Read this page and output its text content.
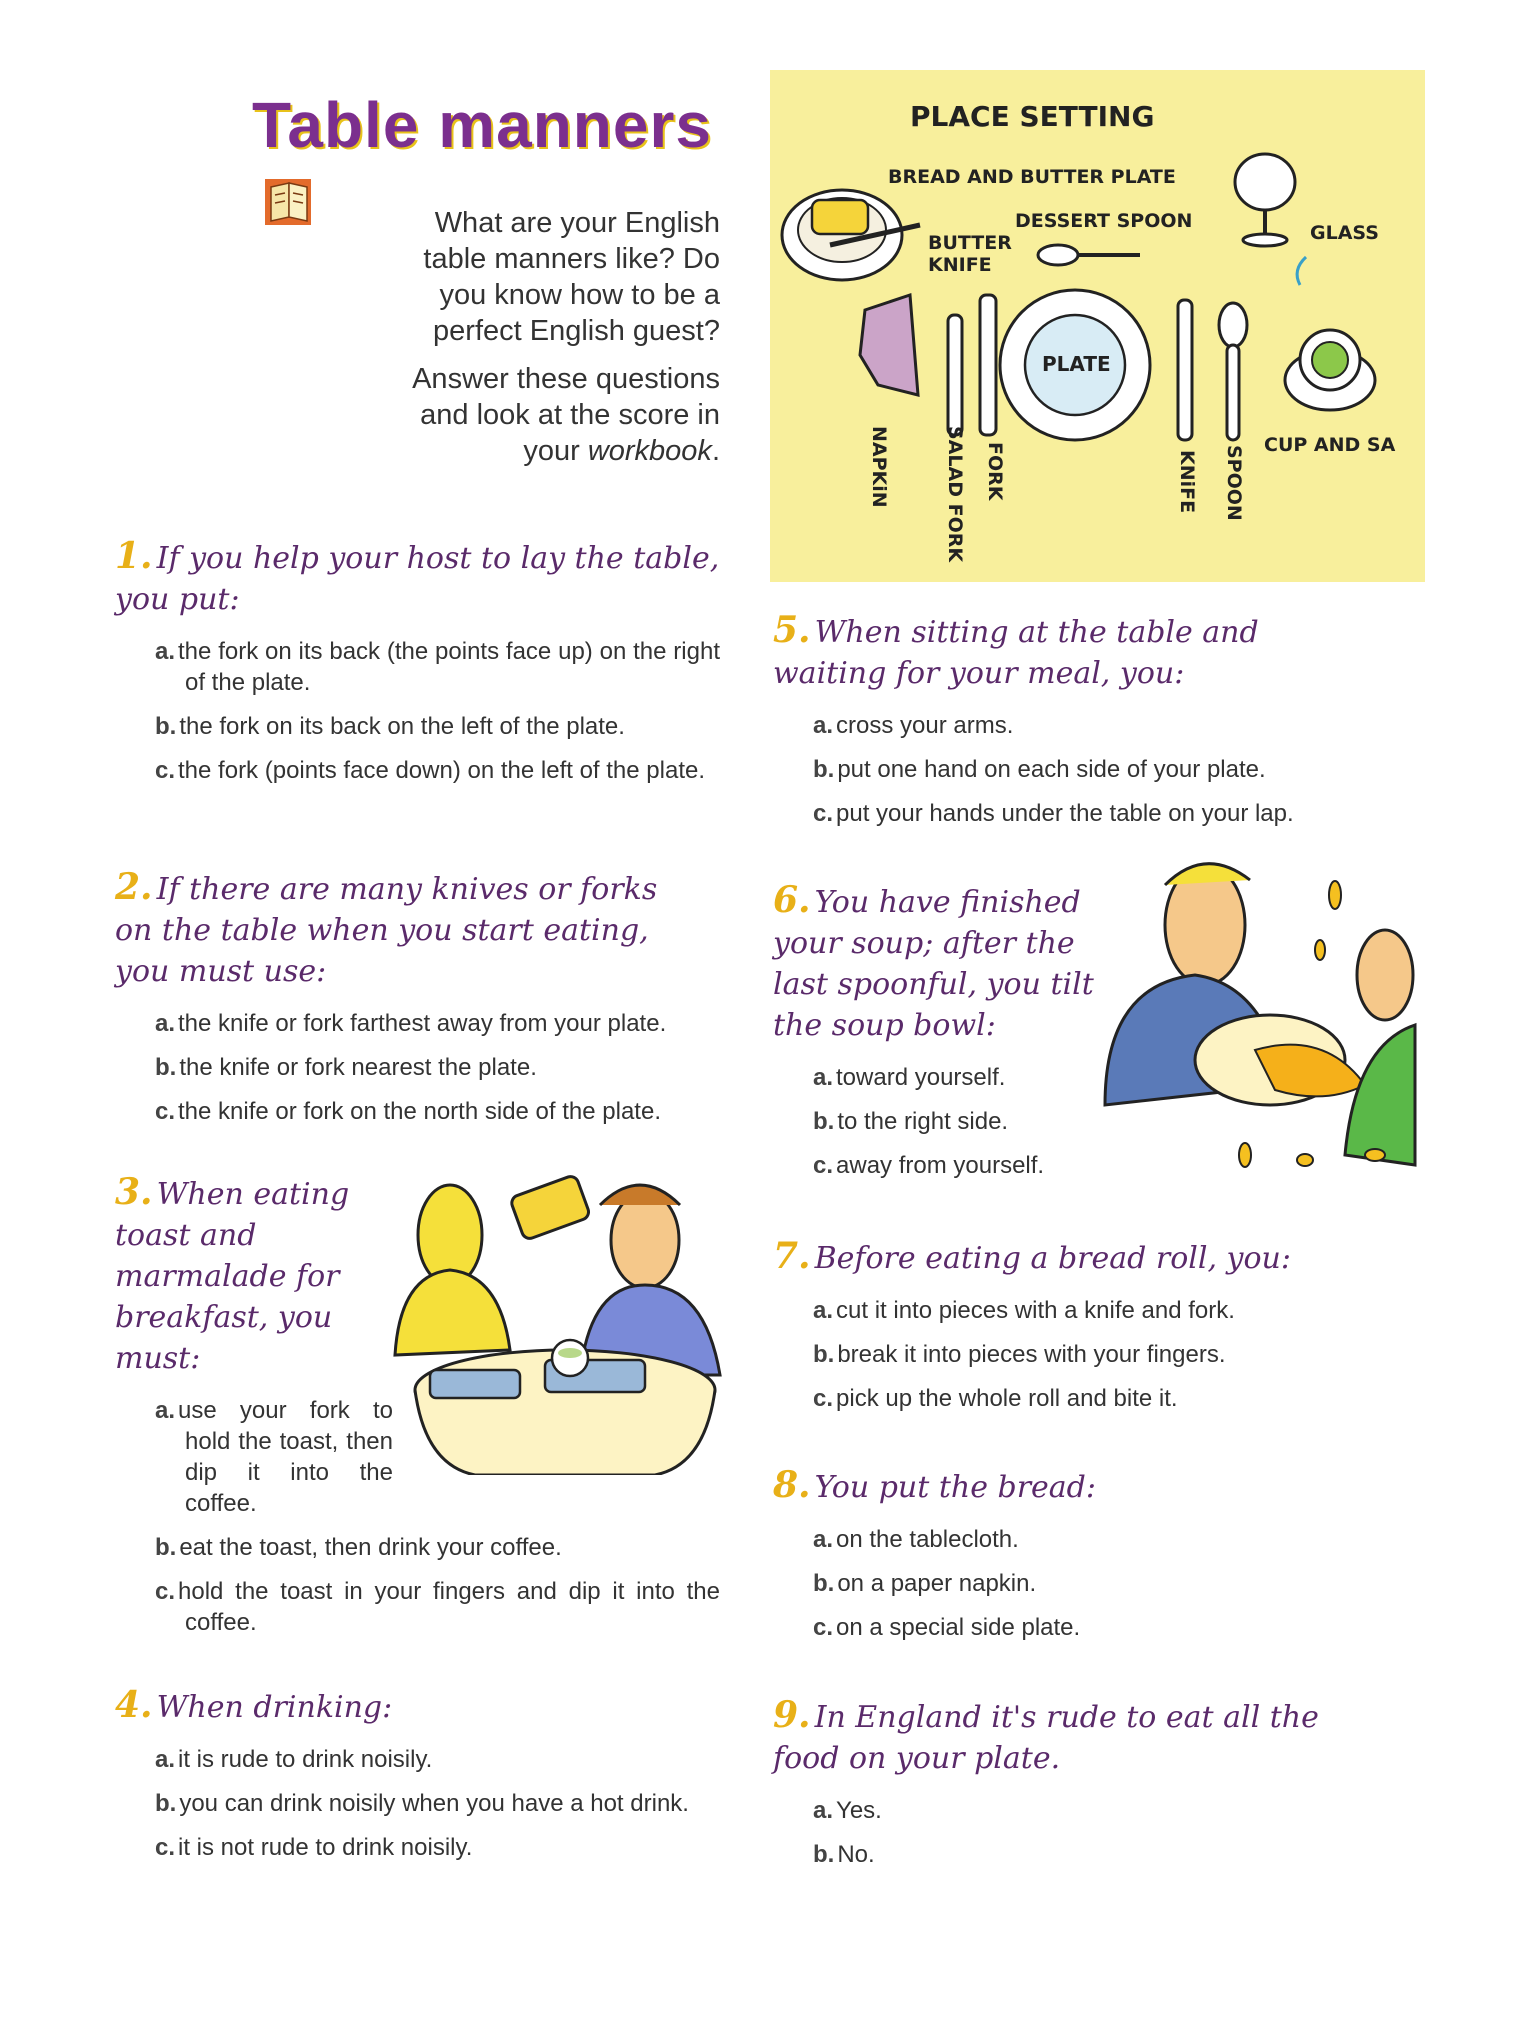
Table manners

What are your English table manners like? Do you know how to be a perfect English guest?

Answer these questions and look at the score in your workbook.

PLACE SETTING
BREAD AND BUTTER PLATE
DESSERT SPOON
BUTTER
KNIFE
GLASS
PLATE
CUP AND SA
NAPKiN	SALAD FORK FORK	KNiFE SPOON
1. If you help your host to lay the table, you put:
a. the fork on its back (the points face up) on the right of the plate.
b. the fork on its back on the left of the plate.
c. the fork (points face down) on the left of the plate.
2. If there are many knives or forks on the table when you start eating, you must use:
a. the knife or fork farthest away from your plate.
b. the knife or fork nearest the plate.
c. the knife or fork on the north side of the plate.
3. When eating toast and marmalade for breakfast, you must:
a. use your fork to hold the toast, then dip it into the coffee.
b. eat the toast, then drink your coffee.
c. hold the toast in your fingers and dip it into the coffee.
4. When drinking:
a. it is rude to drink noisily.
b. you can drink noisily when you have a hot drink.
c. it is not rude to drink noisily.
5. When sitting at the table and waiting for your meal, you:
a. cross your arms.
b. put one hand on each side of your plate.
c. put your hands under the table on your lap.
6. You have finished your soup; after the last spoonful, you tilt the soup bowl:
a. toward yourself.
b. to the right side.
c. away from yourself.
7. Before eating a bread roll, you:
a. cut it into pieces with a knife and fork.
b. break it into pieces with your fingers.
c. pick up the whole roll and bite it.
8. You put the bread:
a. on the tablecloth.
b. on a paper napkin.
c. on a special side plate.
9. In England it's rude to eat all the food on your plate.
a. Yes.
b. No.
